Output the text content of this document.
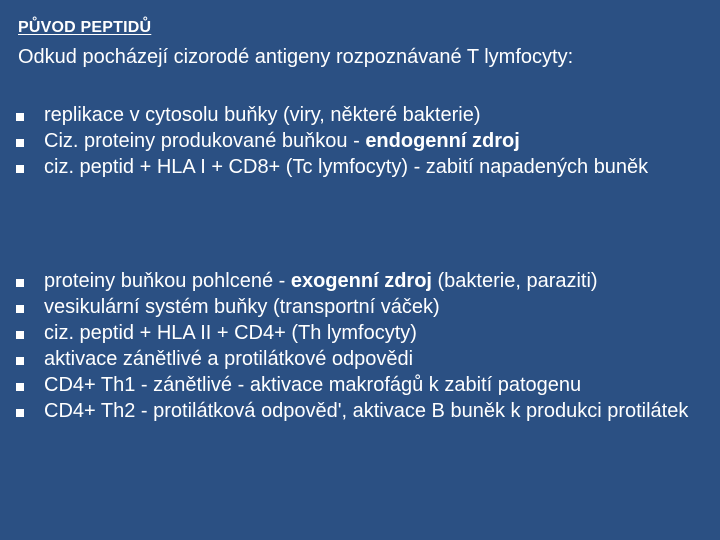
PŮVOD PEPTIDŮ
Odkud pocházejí cizorodé antigeny rozpoznávané T lymfocyty:
replikace v cytosolu buňky (viry, některé bakterie)
Ciz. proteiny produkované buňkou - endogenní zdroj
ciz. peptid + HLA I + CD8+ (Tc lymfocyty) - zabití napadených buněk
proteiny buňkou pohlcené - exogenní zdroj (bakterie, paraziti)
vesikulární systém buňky (transportní váček)
ciz. peptid + HLA II + CD4+ (Th lymfocyty)
aktivace zánětlivé a protilátkové odpovědi
CD4+ Th1 - zánětlivé - aktivace makrofágů k zabití patogenu
CD4+ Th2 - protilátková odpověd', aktivace B buněk k produkci protilátek
